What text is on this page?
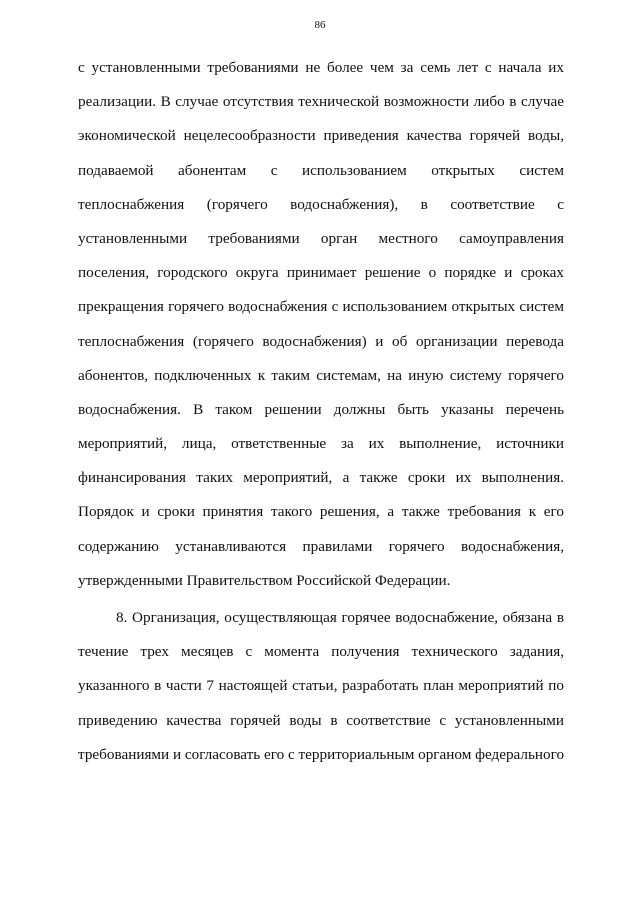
86
с установленными требованиями не более чем за семь лет с начала их
реализации. В случае отсутствия технической возможности либо в случае
экономической нецелесообразности приведения качества горячей воды,
подаваемой абонентам с использованием открытых систем
теплоснабжения (горячего водоснабжения), в соответствие с
установленными требованиями орган местного самоуправления
поселения, городского округа принимает решение о порядке и сроках
прекращения горячего водоснабжения с использованием открытых систем
теплоснабжения (горячего водоснабжения) и об организации перевода
абонентов, подключенных к таким системам, на иную систему горячего
водоснабжения. В таком решении должны быть указаны перечень
мероприятий, лица, ответственные за их выполнение, источники
финансирования таких мероприятий, а также сроки их выполнения.
Порядок и сроки принятия такого решения, а также требования к его
содержанию устанавливаются правилами горячего водоснабжения,
утвержденными Правительством Российской Федерации.
8. Организация, осуществляющая горячее водоснабжение, обязана в
течение трех месяцев с момента получения технического задания,
указанного в части 7 настоящей статьи, разработать план мероприятий по
приведению качества горячей воды в соответствие с установленными
требованиями и согласовать его с территориальным органом федерального
